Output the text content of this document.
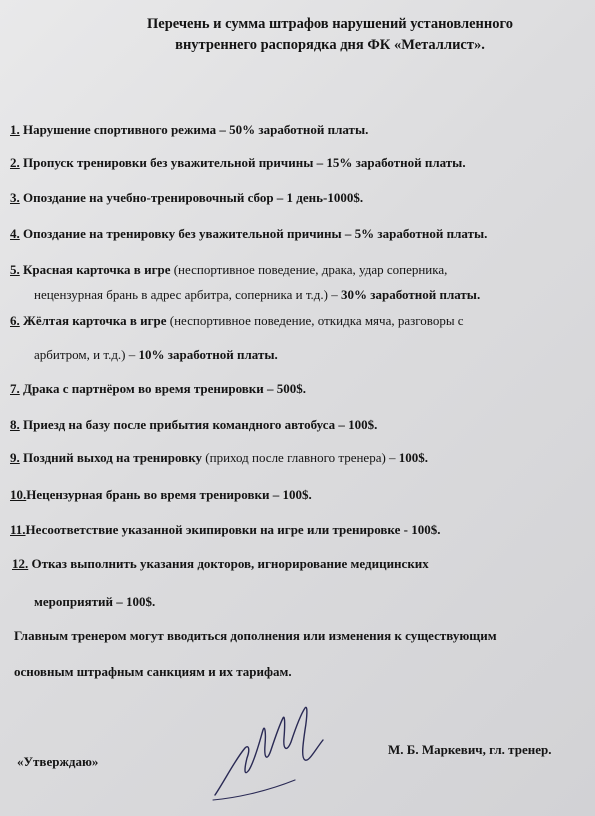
Перечень и сумма штрафов нарушений установленного
внутреннего распорядка дня ФК «Металлист».
1. Нарушение спортивного режима – 50% заработной платы.
2. Пропуск тренировки без уважительной причины – 15% заработной платы.
3. Опоздание на учебно-тренировочный сбор – 1 день-1000$.
4. Опоздание на тренировку без уважительной причины – 5% заработной платы.
5. Красная карточка в игре (неспортивное поведение, драка, удар соперника,
нецензурная брань в адрес арбитра, соперника и т.д.) – 30% заработной платы.
6. Жёлтая карточка в игре (неспортивное поведение, откидка мяча, разговоры с
арбитром, и т.д.) – 10% заработной платы.
7. Драка с партнёром во время тренировки – 500$.
8. Приезд на базу после прибытия командного автобуса – 100$.
9. Поздний выход на тренировку (приход после главного тренера) – 100$.
10.Нецензурная брань во время тренировки – 100$.
11.Несоответствие указанной экипировки на игре или тренировке - 100$.
12. Отказ выполнить указания докторов, игнорирование медицинских
мероприятий – 100$.
Главным тренером могут вводиться дополнения или изменения к существующим
основным штрафным санкциям и их тарифам.
«Утверждаю»
М. Б. Маркевич, гл. тренер.
